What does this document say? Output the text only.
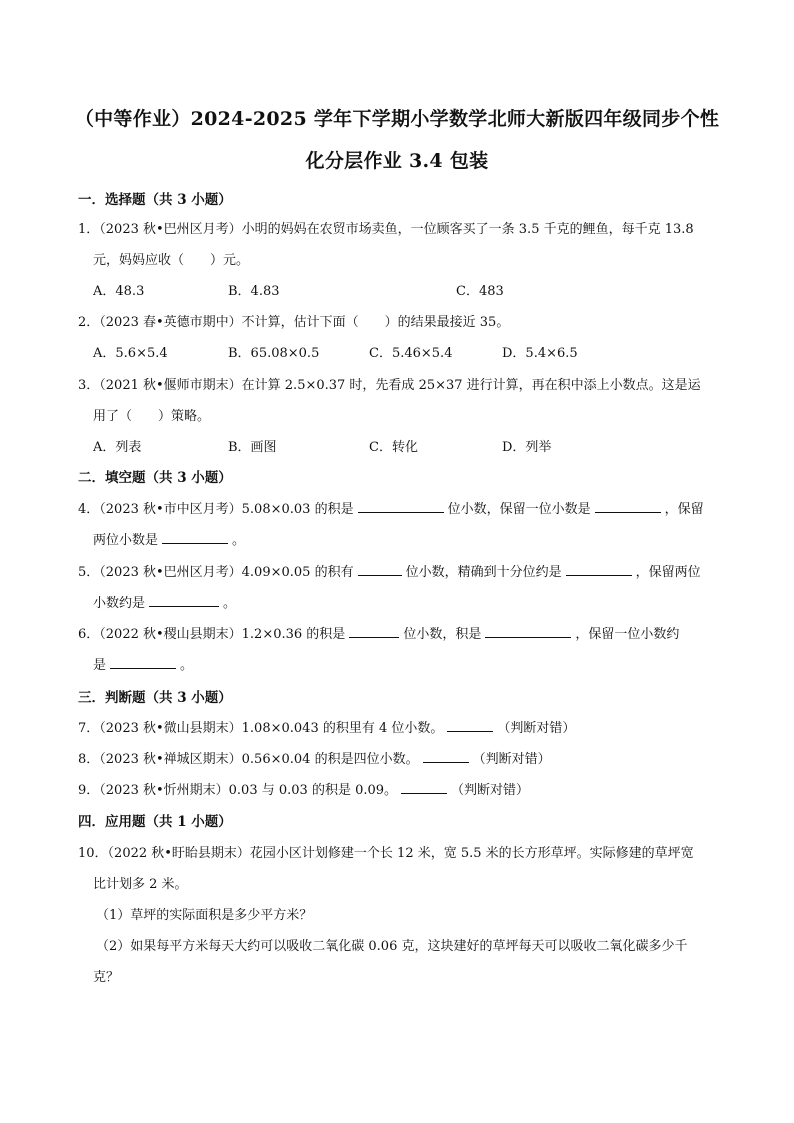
（中等作业）2024-2025 学年下学期小学数学北师大新版四年级同步个性
化分层作业 3.4 包装
一．选择题（共 3 小题）
1．（2023 秋•巴州区月考）小明的妈妈在农贸市场卖鱼，一位顾客买了一条 3.5 千克的鲤鱼，每千克 13.8
元，妈妈应收（　　）元。
A．48.3	B．4.83	C．483
2．（2023 春•英德市期中）不计算，估计下面（　　）的结果最接近 35。
A．5.6×5.4	B．65.08×0.5	C．5.46×5.4	D．5.4×6.5
3．（2021 秋•偃师市期末）在计算 2.5×0.37 时，先看成 25×37 进行计算，再在积中添上小数点。这是运
用了（　　）策略。
A．列表	B．画图	C．转化	D．列举
二．填空题（共 3 小题）
4．（2023 秋•市中区月考）5.08×0.03 的积是	位小数，保留一位小数是	，保留
两位小数是	。
5．（2023 秋•巴州区月考）4.09×0.05 的积有	位小数，精确到十分位约是	，保留两位
小数约是	。
6．（2022 秋•稷山县期末）1.2×0.36 的积是	位小数，积是	，保留一位小数约
是	。
三．判断题（共 3 小题）
7．（2023 秋•微山县期末）1.08×0.043 的积里有 4 位小数。	（判断对错）
8．（2023 秋•禅城区期末）0.56×0.04 的积是四位小数。	（判断对错）
9．（2023 秋•忻州期末）0.03 与 0.03 的积是 0.09。	（判断对错）
四．应用题（共 1 小题）
10．（2022 秋•盱眙县期末）花园小区计划修建一个长 12 米，宽 5.5 米的长方形草坪。实际修建的草坪宽
比计划多 2 米。
（1）草坪的实际面积是多少平方米？
（2）如果每平方米每天大约可以吸收二氧化碳 0.06 克，这块建好的草坪每天可以吸收二氧化碳多少千
克？
